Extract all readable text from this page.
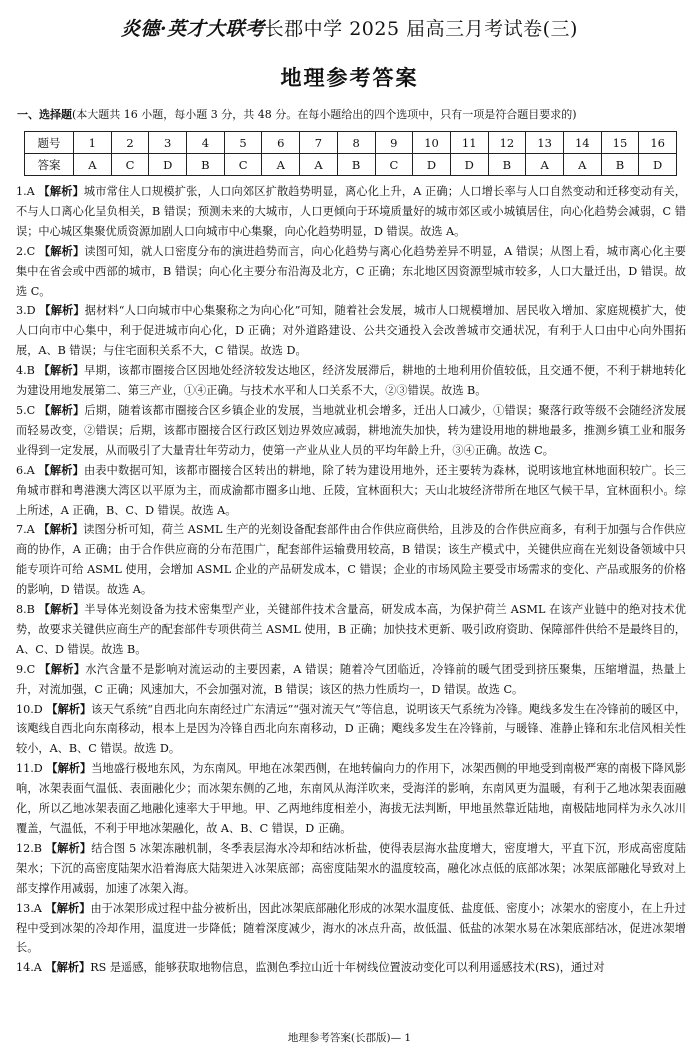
炎德·英才大联考长郡中学 2025 届高三月考试卷(三)
地理参考答案
一、选择题(本大题共 16 小题，每小题 3 分，共 48 分。在每小题给出的四个选项中，只有一项是符合题目要求的)
题号	1	2	3	4	5	6	7	8	9	10	11	12	13	14	15	16
答案	A	C	D	B	C	A	A	B	C	D	D	B	A	A	B	D

1.A 【解析】城市常住人口规模扩张，人口向郊区扩散趋势明显，离心化上升，A 正确；人口增长率与人口自然变动和迁移变动有关，不与人口离心化呈负相关，B 错误；预测未来的大城市，人口更倾向于环境质量好的城市郊区或小城镇居住，向心化趋势会减弱，C 错误；中心城区集聚优质资源加剧人口向城市中心集聚，向心化趋势明显，D 错误。故选 A。

2.C 【解析】读图可知，就人口密度分布的演进趋势而言，向心化趋势与离心化趋势差异不明显，A 错误；从图上看，城市离心化主要集中在省会或中西部的城市，B 错误；向心化主要分布沿海及北方，C 正确；东北地区因资源型城市较多，人口大量迁出，D 错误。故选 C。

3.D 【解析】据材料“人口向城市中心集聚称之为向心化”可知，随着社会发展，城市人口规模增加、居民收入增加、家庭规模扩大，使人口向市中心集中，利于促进城市向心化，D 正确；对外道路建设、公共交通投入会改善城市交通状况，有利于人口由中心向外围拓展，A、B 错误；与住宅面积关系不大，C 错误。故选 D。

4.B 【解析】早期，该都市圈接合区因地处经济较发达地区，经济发展滞后，耕地的土地利用价值较低，且交通不便，不利于耕地转化为建设用地发展第二、第三产业，①④正确。与技术水平和人口关系不大，②③错误。故选 B。

5.C 【解析】后期，随着该都市圈接合区乡镇企业的发展，当地就业机会增多，迁出人口减少，①错误；聚落行政等级不会随经济发展而轻易改变，②错误；后期，该都市圈接合区行政区划边界效应减弱，耕地流失加快，转为建设用地的耕地最多，推测乡镇工业和服务业得到一定发展，从而吸引了大量青壮年劳动力，使第一产业从业人员的平均年龄上升，③④正确。故选 C。

6.A 【解析】由表中数据可知，该都市圈接合区转出的耕地，除了转为建设用地外，还主要转为森林，说明该地宜林地面积较广。长三角城市群和粤港澳大湾区以平原为主，而成渝都市圈多山地、丘陵，宜林面积大；天山北坡经济带所在地区气候干旱，宜林面积小。综上所述，A 正确，B、C、D 错误。故选 A。

7.A 【解析】读图分析可知，荷兰 ASML 生产的光刻设备配套部件由合作供应商供给，且涉及的合作供应商多，有利于加强与合作供应商的协作，A 正确；由于合作供应商的分布范围广，配套部件运输费用较高，B 错误；该生产模式中，关键供应商在光刻设备领域中只能专项许可给 ASML 使用，会增加 ASML 企业的产品研发成本，C 错误；企业的市场风险主要受市场需求的变化、产品或服务的价格的影响，D 错误。故选 A。

8.B 【解析】半导体光刻设备为技术密集型产业，关键部件技术含量高，研发成本高，为保护荷兰 ASML 在该产业链中的绝对技术优势，故要求关键供应商生产的配套部件专项供荷兰 ASML 使用，B 正确；加快技术更新、吸引政府资助、保障部件供给不是最终目的，A、C、D 错误。故选 B。

9.C 【解析】水汽含量不是影响对流运动的主要因素，A 错误；随着冷气团临近，冷锋前的暖气团受到挤压聚集，压缩增温，热量上升，对流加强，C 正确；风速加大，不会加强对流，B 错误；该区的热力性质均一，D 错误。故选 C。

10.D 【解析】该天气系统“自西北向东南经过广东清远”“强对流天气”等信息，说明该天气系统为冷锋。飑线多发生在冷锋前的暖区中，该飑线自西北向东南移动，根本上是因为冷锋自西北向东南移动，D 正确；飑线多发生在冷锋前，与暖锋、准静止锋和东北信风相关性较小，A、B、C 错误。故选 D。

11.D 【解析】当地盛行极地东风，为东南风。甲地在冰架西侧，在地转偏向力的作用下，冰架西侧的甲地受到南极严寒的南极下降风影响，冰架表面气温低、表面融化少；而冰架东侧的乙地，东南风从海洋吹来，受海洋的影响，东南风更为温暖，有利于乙地冰架表面融化，所以乙地冰架表面乙地融化速率大于甲地。甲、乙两地纬度相差小，海拔无法判断，甲地虽然靠近陆地，南极陆地同样为永久冰川覆盖，气温低，不利于甲地冰架融化，故 A、B、C 错误，D 正确。

12.B 【解析】结合图 5 冰架冻融机制，冬季表层海水冷却和结冰析盐，使得表层海水盐度增大，密度增大，平直下沉，形成高密度陆架水；下沉的高密度陆架水沿着海底大陆架进入冰架底部；高密度陆架水的温度较高，融化冰点低的底部冰架；冰架底部融化导致对上部支撑作用减弱，加速了冰架入海。

13.A 【解析】由于冰架形成过程中盐分被析出，因此冰架底部融化形成的冰架水温度低、盐度低、密度小；冰架水的密度小，在上升过程中受到冰架的冷却作用，温度进一步降低；随着深度减少，海水的冰点升高，故低温、低盐的冰架水易在冰架底部结冰，促进冰架增长。

14.A 【解析】RS 是遥感，能够获取地物信息，监测色季拉山近十年树线位置波动变化可以利用遥感技术(RS)，通过对

地理参考答案(长郡版)— 1
